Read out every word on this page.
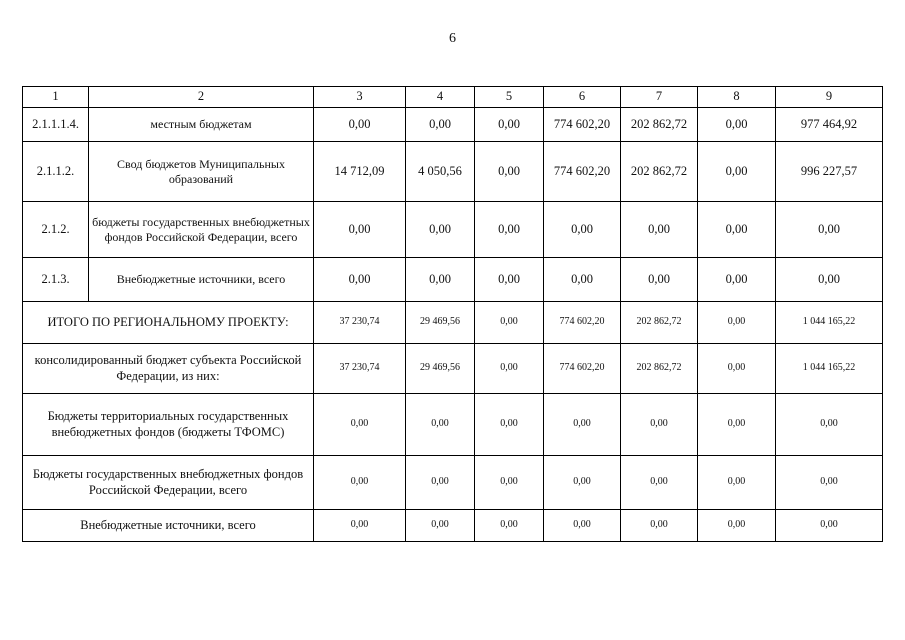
6
1	2	3	4	5	6	7	8	9
2.1.1.1.4.	местным бюджетам	0,00	0,00	0,00	774 602,20	202 862,72	0,00	977 464,92
2.1.1.2.	Свод бюджетов Муниципальных образований	14 712,09	4 050,56	0,00	774 602,20	202 862,72	0,00	996 227,57
2.1.2.	бюджеты государственных внебюджетных фондов Российской Федерации, всего	0,00	0,00	0,00	0,00	0,00	0,00	0,00
2.1.3.	Внебюджетные источники, всего	0,00	0,00	0,00	0,00	0,00	0,00	0,00
ИТОГО ПО РЕГИОНАЛЬНОМУ ПРОЕКТУ:		37 230,74	29 469,56	0,00	774 602,20	202 862,72	0,00	1 044 165,22
консолидированный бюджет субъекта Российской Федерации, из них:		37 230,74	29 469,56	0,00	774 602,20	202 862,72	0,00	1 044 165,22
Бюджеты территориальных государственных внебюджетных фондов (бюджеты ТФОМС)		0,00	0,00	0,00	0,00	0,00	0,00	0,00
Бюджеты государственных внебюджетных фондов Российской Федерации, всего		0,00	0,00	0,00	0,00	0,00	0,00	0,00
Внебюджетные источники, всего		0,00	0,00	0,00	0,00	0,00	0,00	0,00
